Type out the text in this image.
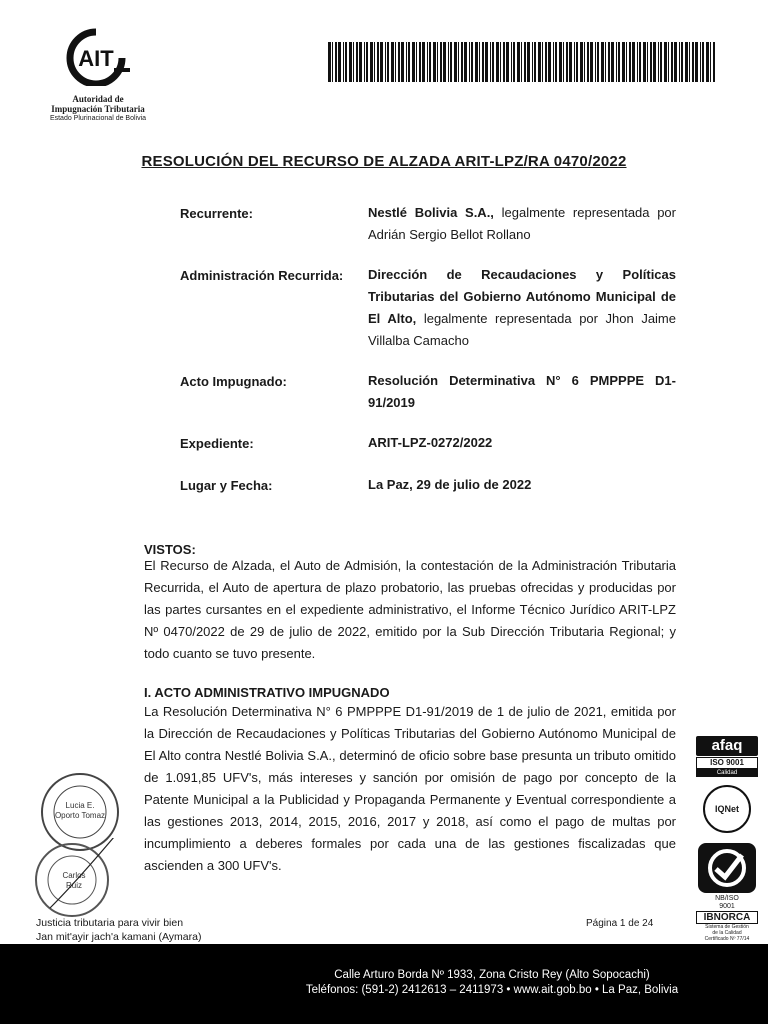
AIT
Autoridad de
Impugnación Tributaria
Estado Plurinacional de Bolivia
RESOLUCIÓN DEL RECURSO DE ALZADA ARIT-LPZ/RA 0470/2022
Recurrente:	Nestlé Bolivia S.A., legalmente representada por Adrián Sergio Bellot Rollano
Administración Recurrida: Dirección de Recaudaciones y Políticas Tributarias del Gobierno Autónomo Municipal de El Alto, legalmente representada por Jhon Jaime Villalba Camacho
Acto Impugnado:	Resolución Determinativa N° 6 PMPPPE D1-91/2019
Expediente:	ARIT-LPZ-0272/2022
Lugar y Fecha:	La Paz, 29 de julio de 2022
VISTOS:
El Recurso de Alzada, el Auto de Admisión, la contestación de la Administración Tributaria Recurrida, el Auto de apertura de plazo probatorio, las pruebas ofrecidas y producidas por las partes cursantes en el expediente administrativo, el Informe Técnico Jurídico ARIT-LPZ Nº 0470/2022 de 29 de julio de 2022, emitido por la Sub Dirección Tributaria Regional; y todo cuanto se tuvo presente.
I. ACTO ADMINISTRATIVO IMPUGNADO
La Resolución Determinativa N° 6 PMPPPE D1-91/2019 de 1 de julio de 2021, emitida por la Dirección de Recaudaciones y Políticas Tributarias del Gobierno Autónomo Municipal de El Alto contra Nestlé Bolivia S.A., determinó de oficio sobre base presunta un tributo omitido de 1.091,85 UFV's, más intereses y sanción por omisión de pago por concepto de la Patente Municipal a la Publicidad y Propaganda Permanente y Eventual correspondiente a las gestiones 2013, 2014, 2015, 2016, 2017 y 2018, así como el pago de multas por incumplimiento a deberes formales por cada una de las gestiones fiscalizadas que ascienden a 300 UFV's.
Lucia E.
Oporto Tomaz
Carlos
Ruiz
afaq
ISO 9001
Calidad
IQNet
NB/ISO
9001
IBNORCA
Sistema de Gestión
de la Calidad
Certificado Nº 77/14
Justicia tributaria para vivir bien
Jan mit'ayir jach'a kamani (Aymara)
Página 1 de 24
Calle Arturo Borda Nº 1933, Zona Cristo Rey (Alto Sopocachi)
Teléfonos: (591-2) 2412613 – 2411973 • www.ait.gob.bo • La Paz, Bolivia
